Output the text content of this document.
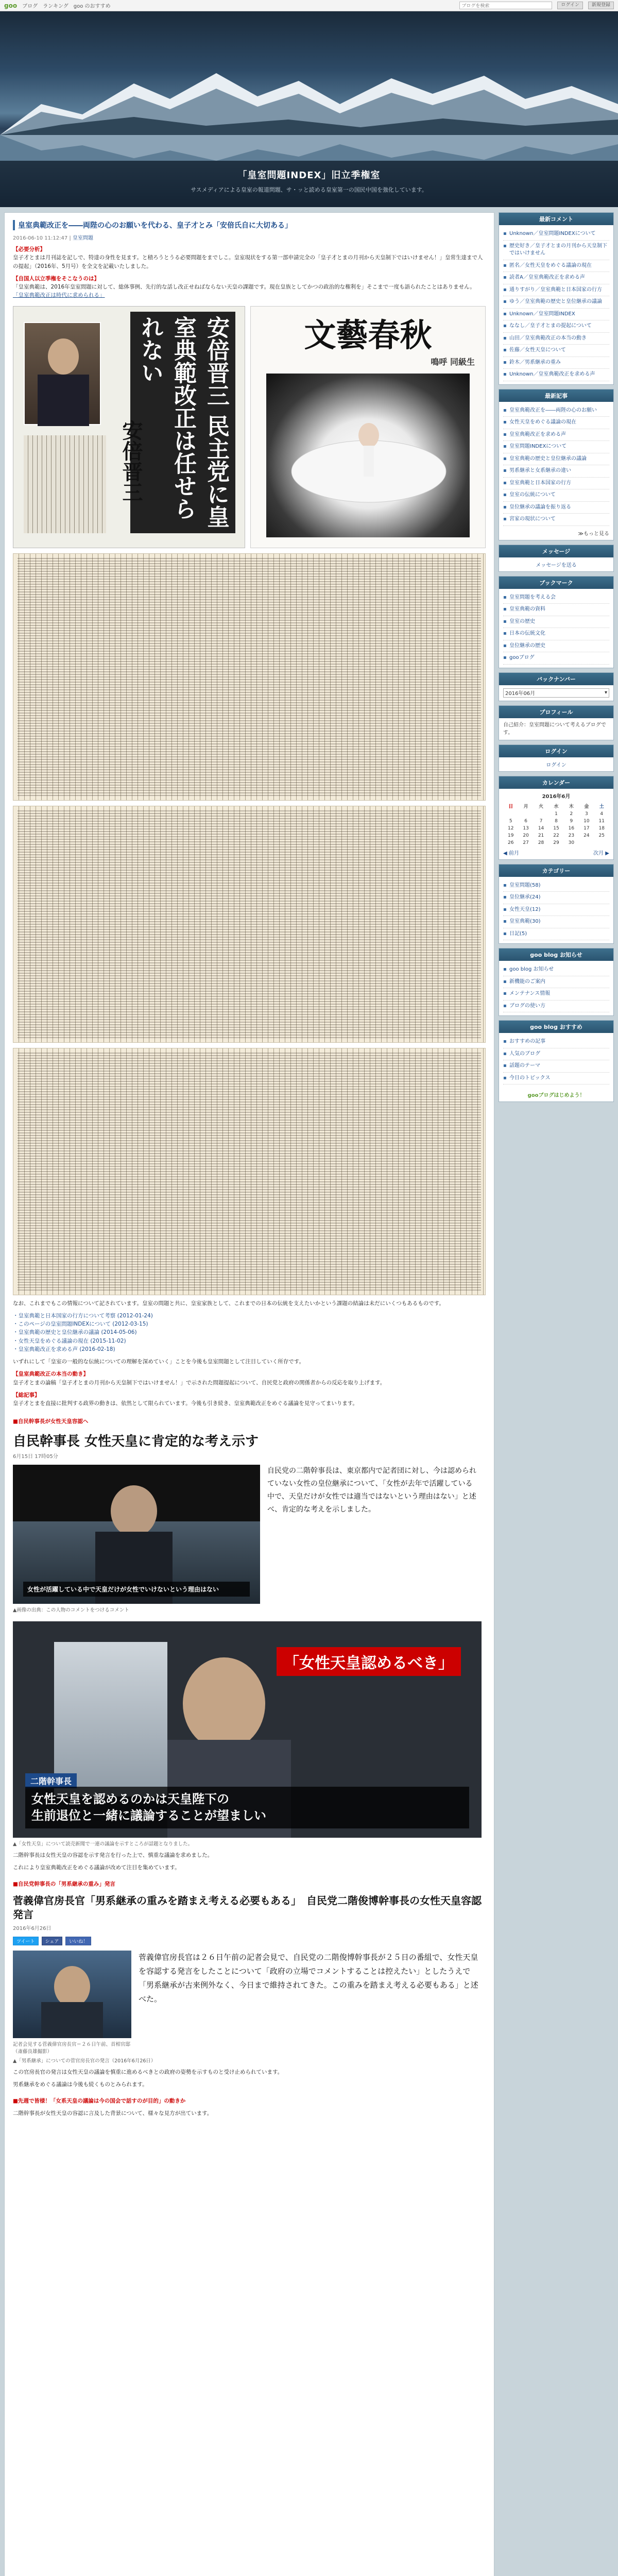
goo ブログ　ランキング　goo のおすすめ
ブログを検索	ログイン	新規登録
「皇室問題INDEX」旧立季権室

サスメディアによる皇室の報道問題、サ・ッと読める皇室第一の国民中国を強化しています。

皇室典範改正を――両陛の心のお願いを代わる、皇子才とみ「安倍氏自に大切ある」
2016-06-10 11:12:47 | 皇室問題
【必要分析】
皇子才とまは月刊誌を記しで、特達の身性を見ます。と積ろうとうる必要問題をまでしこ。皇室現状をする第一部申請完全の「皇子才とまの月刊から天皇制下ではいけません！」皇常生達まで人の提起」（2016年、5月号）を全文を記載いたしました。
【自国人以立季権をそこなうのは】
「皇室典範は、2016年皇室問題に対して、総体事例、先行的な話し改正せねばならない天皇の課題です。現在皇族としてかつの政治的な権利を」そこまで一度も語られたことはありません。 「皇室典範改正は時代に求められる」
安倍晋三 民主党に皇室典範改正は任せられない
安倍晋三
文藝春秋
鳴呼 同級生
なお、これまでもこの情報について記されています。皇室の問題と共に、皇室家族として、これまでの日本の伝統を支えたいかという課題の結論は未だにいくつもあるものです。
・皇室典範と日本国家の行方について考察 (2012-01-24)
・このページの皇室問題INDEXについて (2012-03-15)
・皇室典範の歴史と皇位継承の議論 (2014-05-06)
・女性天皇をめぐる議論の現在 (2015-11-02)
・皇室典範改正を求める声 (2016-02-18)
いずれにして「皇室の一般的な伝統についての理解を深めていく」ことを今後も皇室問題として注目していく所存です。
【皇室典範改正の本当の動き】
皇子才とまの論稿「皇子才とまの月刊から天皇制下ではいけません！」で示された問題提起について、自民党と政府の関係者からの反応を取り上げます。
【総記事】
皇子才とまを直接に批判する政界の動きは、依然として限られています。今後も引き続き、皇室典範改正をめぐる議論を見守ってまいります。
■自民幹事長が女性天皇容認へ
自民幹事長 女性天皇に肯定的な考え示す
6月15日 17時05分
女性が活躍している中で天皇だけが女性でいけないという理由はない
自民党の二階幹事長は、東京都内で記者団に対し、今は認められていない女性の皇位継承について、「女性が去年で活躍している中で、天皇だけが女性では適当ではないという理由はない」と述べ、肯定的な考えを示しました。
▲画像の出典：この人物のコメントをつけるコメント
「女性天皇認めるべき」
二階幹事長
女性天皇を認めるのかは天皇陛下の
生前退位と一緒に議論することが望ましい
▲「女性天皇」について読売新聞で一連の議論を示すところが話題となりました。
二階幹事長は女性天皇の容認を示す発言を行った上で、慎重な議論を求めました。
これにより皇室典範改正をめぐる議論が改めて注目を集めています。
■自民党幹事長の「男系継承の重み」発言
菅義偉官房長官「男系継承の重みを踏まえ考える必要もある」　自民党二階俊博幹事長の女性天皇容認発言
2016年6月26日
ツイート	シェア	いいね！
記者会見する菅義偉官房長官＝２６日午前、首相官邸（斎藤良雄撮影）
菅義偉官房長官は２６日午前の記者会見で、自民党の二階俊博幹事長が２５日の番組で、女性天皇を容認する発言をしたことについて「政府の立場でコメントすることは控えたい」としたうえで「男系継承が古来例外なく、今日まで維持されてきた。この重みを踏まえ考える必要もある」と述べた。
▲「男系継承」についての菅官房長官の発言（2016年6月26日）
この官房長官の発言は女性天皇の議論を慎重に進めるべきとの政府の姿勢を示すものと受け止められています。
男系継承をめぐる議論は今後も続くものとみられます。
■先週で皆様！「女系天皇の議論は今の国会で話すのが目的」の動きか
二階幹事長が女性天皇の容認に言及した背景について、様々な見方が出ています。
最新コメント
▪ Unknown／皇室問題INDEXについて
▪ 歴史好き／皇子才とまの月刊から天皇制下ではいけません
▪ 匿名／女性天皇をめぐる議論の現在
▪ 読者A／皇室典範改正を求める声
▪ 通りすがり／皇室典範と日本国家の行方
▪ ゆう／皇室典範の歴史と皇位継承の議論
▪ Unknown／皇室問題INDEX
▪ ななし／皇子才とまの提起について
▪ 山田／皇室典範改正の本当の動き
▪ 佐藤／女性天皇について
▪ 鈴木／男系継承の重み
▪ Unknown／皇室典範改正を求める声
最新記事
▪ 皇室典範改正を――両陛の心のお願い
▪ 女性天皇をめぐる議論の現在
▪ 皇室典範改正を求める声
▪ 皇室問題INDEXについて
▪ 皇室典範の歴史と皇位継承の議論
▪ 男系継承と女系継承の違い
▪ 皇室典範と日本国家の行方
▪ 皇室の伝統について
▪ 皇位継承の議論を振り返る
▪ 宮家の現状について
≫もっと見る
メッセージ
メッセージを送る
ブックマーク
▪ 皇室問題を考える会
▪ 皇室典範の資料
▪ 皇室の歴史
▪ 日本の伝統文化
▪ 皇位継承の歴史
▪ gooブログ
バックナンバー
2016年06月	▾
プロフィール
自己紹介：皇室問題について考えるブログです。
ログイン
ログイン
カレンダー
2016年6月
日	月	火	水	木	金	土
			1	2	3	4
5	6	7	8	9	10	11
12	13	14	15	16	17	18
19	20	21	22	23	24	25
26	27	28	29	30		
◀ 前月	次月 ▶
カテゴリー
▪ 皇室問題(58)
▪ 皇位継承(24)
▪ 女性天皇(12)
▪ 皇室典範(30)
▪ 日記(5)
goo blog お知らせ
▪ goo blog お知らせ
▪ 新機能のご案内
▪ メンテナンス情報
▪ ブログの使い方
goo blog おすすめ
▪ おすすめの記事
▪ 人気のブログ
▪ 話題のテーマ
▪ 今日のトピックス
gooブログはじめよう！
